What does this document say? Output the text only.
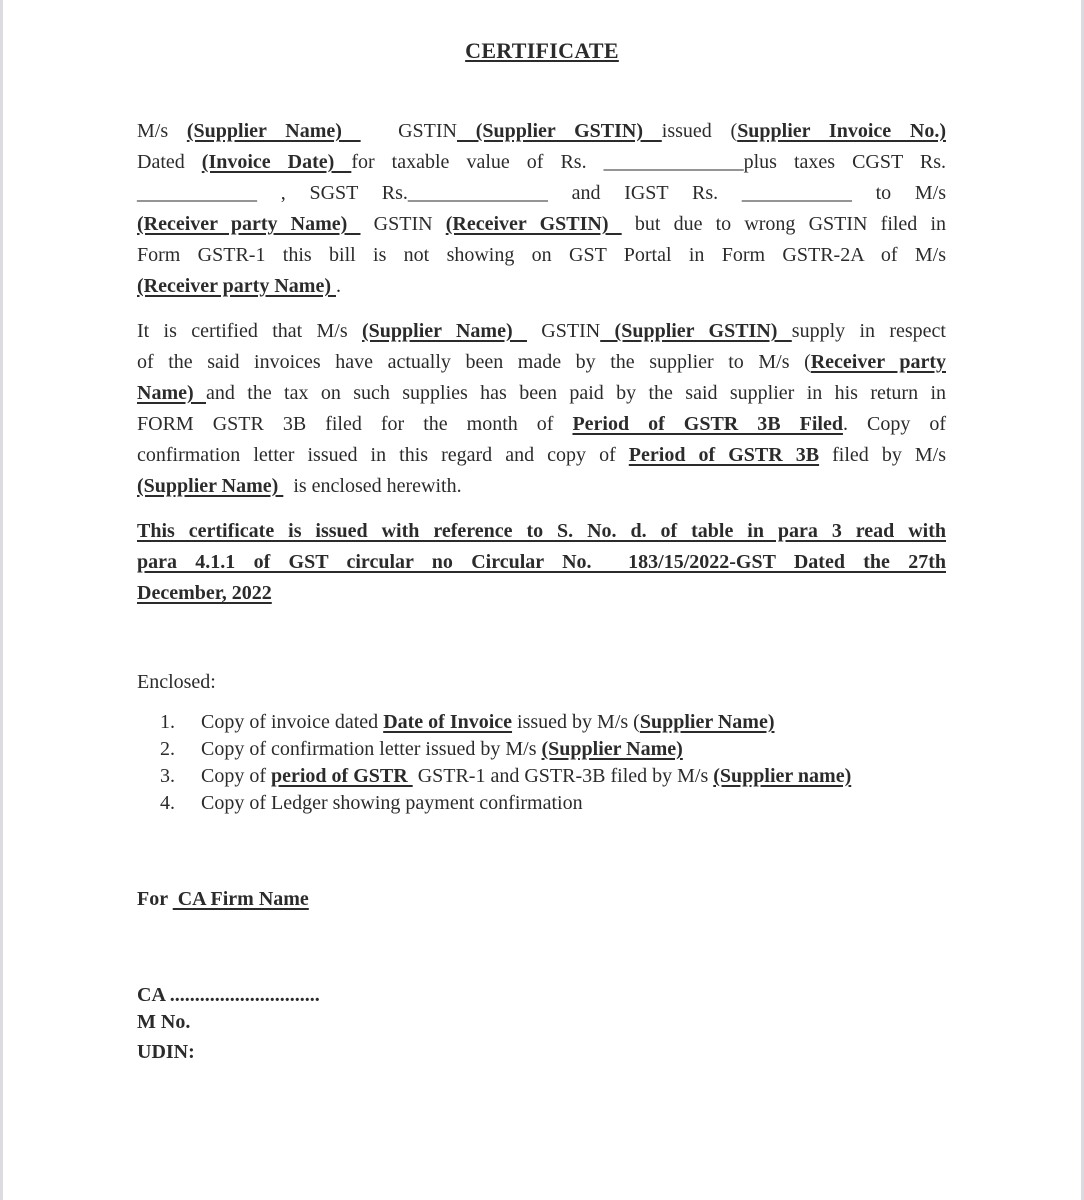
CERTIFICATE
M/s (Supplier Name)   GSTIN (Supplier GSTIN) issued (Supplier Invoice No.)
Dated (Invoice Date) for taxable value of Rs. ______________plus taxes CGST Rs.
____________ , SGST Rs.______________ and IGST Rs. ___________ to M/s
(Receiver party Name)  GSTIN (Receiver GSTIN)  but due to wrong GSTIN filed in
Form GSTR-1 this bill is not showing on GST Portal in Form GSTR-2A of M/s
(Receiver party Name) .
It is certified that M/s (Supplier Name)  GSTIN (Supplier GSTIN) supply in respect
of the said invoices have actually been made by the supplier to M/s (Receiver party
Name) and the tax on such supplies has been paid by the said supplier in his return in
FORM GSTR 3B filed for the month of Period of GSTR 3B Filed. Copy of
confirmation letter issued in this regard and copy of Period of GSTR 3B filed by M/s
(Supplier Name)   is enclosed herewith.
This certificate is issued with reference to S. No. d. of table in para 3 read with
para 4.1.1 of GST circular no Circular No.  183/15/2022-GST Dated the 27th
December, 2022
Enclosed:
1.	Copy of invoice dated Date of Invoice issued by M/s (Supplier Name)
2.	Copy of confirmation letter issued by M/s (Supplier Name)
3.	Copy of period of GSTR  GSTR-1 and GSTR-3B filed by M/s (Supplier name)
4.	Copy of Ledger showing payment confirmation
For  CA Firm Name
CA ..............................
M No.
UDIN:
